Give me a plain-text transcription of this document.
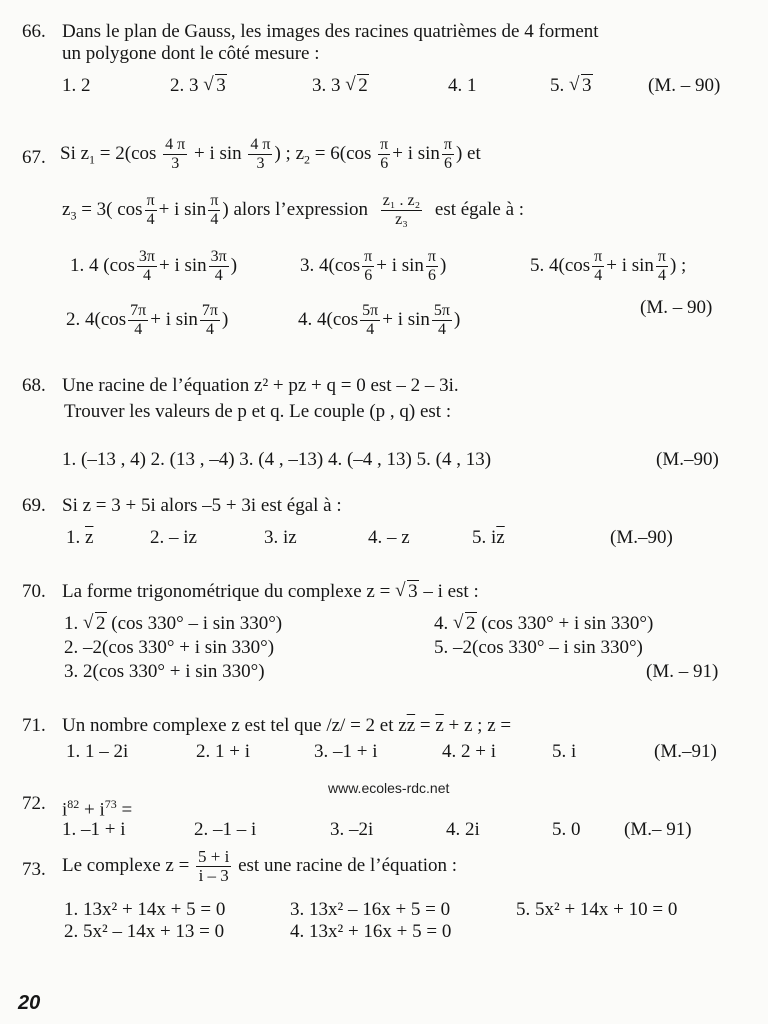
66. Dans le plan de Gauss, les images des racines quatrièmes de 4 forment
un polygone dont le côté mesure :
1. 2	2. 3 √ 3	3. 3 √ 2	4. 1	5. √ 3	(M. – 90)
67. Si $z_1 = 2(\cos \frac{4 \pi}{3} + i$ $\sin \frac{4 \pi}{3}$ ) ; $z_2 = 6(\cos \frac{\pi}{6} + i$ $\sin \frac{\pi}{6}$ ) et
$z_3 = 3$( $\cos \frac{\pi}{4} + i$ $\sin \frac{\pi}{4}$ ) alors l’expression $\frac{\text{z₁ . z₂}}{\text{z₃}}$ est égale à :
1. 4 ($\cos \frac{3\pi}{4} + i$ $\sin \frac{3\pi}{4}$ )	3. $4(\cos \frac{\pi}{6} + i$ $\sin \frac{\pi}{6}$ )	5. $4(\cos \frac{\pi}{4} + i$ $\sin \frac{\pi}{4}$ ) ;
2. $4(\cos \frac{7\pi}{4} + i$ $\sin \frac{7\pi}{4}$ )	4. $4(\cos \frac{5\pi}{4} + i$ $\sin \frac{5\pi}{4}$ )
(M. – 90)
68. Une racine de l’équation z² + pz + q = 0 est – 2 – 3i.
Trouver les valeurs de p et q. Le couple (p , q) est :
1. (–13 , 4) 2. (13 , –4) 3. (4 , –13) 4. (–4 , 13) 5. (4 , 13)	(M.–90)
69. Si z = 3 + 5i alors –5 + 3i est égal à :
1. $\overline{z}$	2. – iz	3. iz	4. – z	5. $i\overline{z}$	(M.–90)
70. La forme trigonométrique du complexe z = √ 3 – i est :
1. √ 2 (cos 330° – i sin 330°)	4. √ 2 (cos 330° + i sin 330°)
2. –2(cos 330° + i sin 330°)	5. –2(cos 330° – i sin 330°)
3. 2(cos 330° + i sin 330°)	(M. – 91)
71. Un nombre complexe z est tel que /z/ = 2 et $z\overline{z} = \overline{z} + z$ ; z =
1. 1 – 2i	2. 1 + i	3. –1 + i	4. 2 + i	5. i	(M.–91)
www.ecoles-rdc.net
72. $i^{82} + i^{73}$ =
1. –1 + i	2. –1 – i	3. –2i	4. 2i	5. 0 (M.– 91)
73. Le complexe $z = \frac{5 + i}{i - 3}$ est une racine de l’équation :
1. 13x² + 14x + 5 = 0	3. 13x² – 16x + 5 = 0	5. 5x² + 14x + 10 = 0
2. 5x² – 14x + 13 = 0	4. 13x² + 16x + 5 = 0
20
